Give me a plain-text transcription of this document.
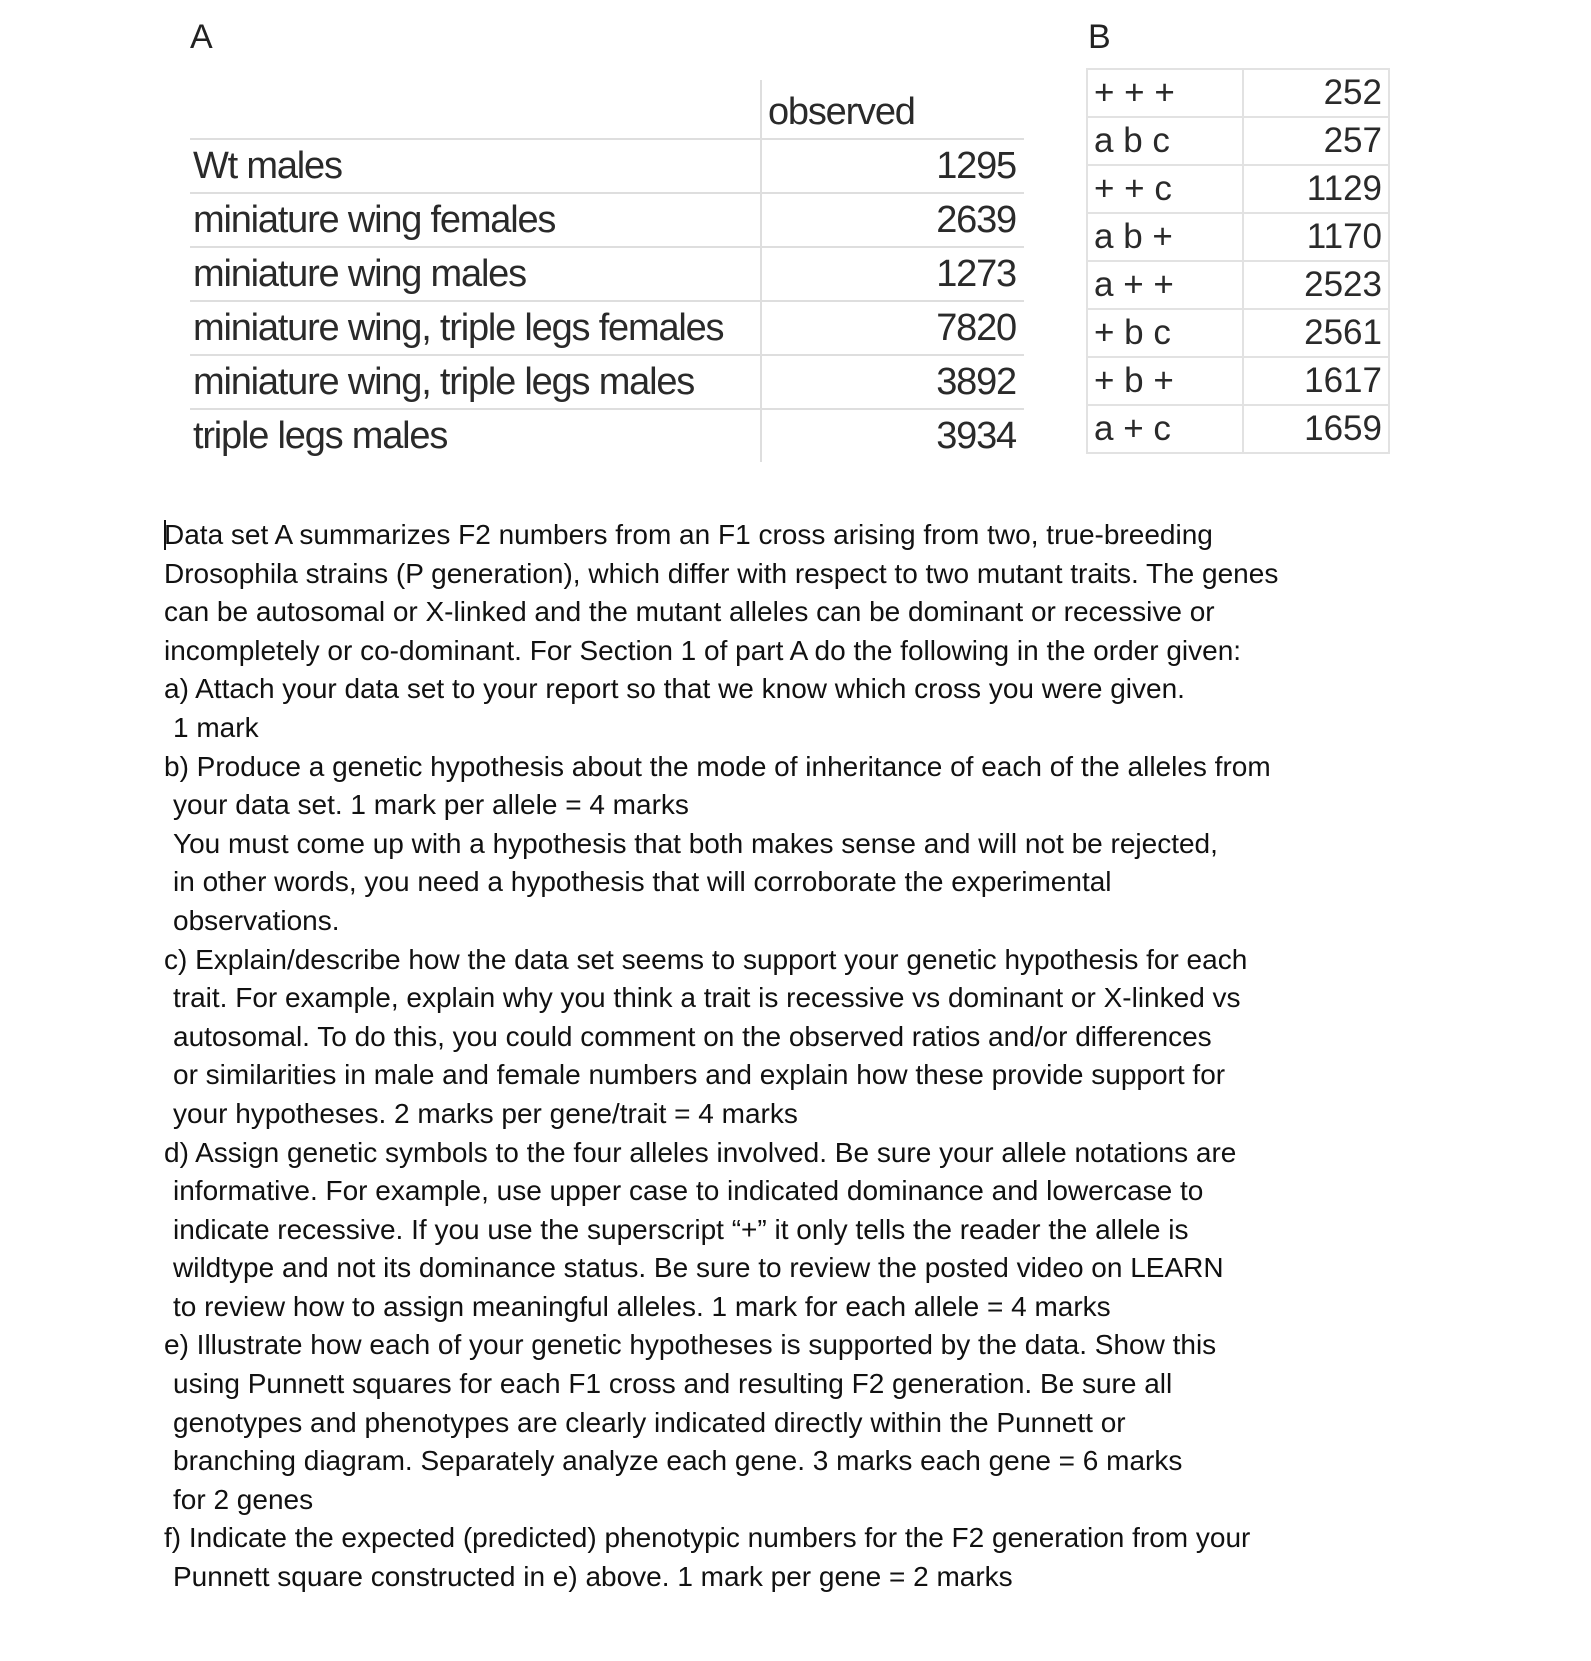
A
	observed
Wt males	1295
miniature wing females	2639
miniature wing males	1273
miniature wing, triple legs females	7820
miniature wing, triple legs males	3892
triple legs males	3934
B
+ + +	252
a b c	257
+ + c	1129
a b +	1170
a + +	2523
+ b c	2561
+ b +	1617
a + c	1659

Data set A summarizes F2 numbers from an F1 cross arising from two, true-breeding

Drosophila strains (P generation), which differ with respect to two mutant traits. The genes

can be autosomal or X-linked and the mutant alleles can be dominant or recessive or

incompletely or co-dominant. For Section 1 of part A do the following in the order given:

a) Attach your data set to your report so that we know which cross you were given.

1 mark

b) Produce a genetic hypothesis about the mode of inheritance of each of the alleles from

your data set. 1 mark per allele = 4 marks

You must come up with a hypothesis that both makes sense and will not be rejected,

in other words, you need a hypothesis that will corroborate the experimental

observations.

c) Explain/describe how the data set seems to support your genetic hypothesis for each

trait. For example, explain why you think a trait is recessive vs dominant or X-linked vs

autosomal. To do this, you could comment on the observed ratios and/or differences

or similarities in male and female numbers and explain how these provide support for

your hypotheses. 2 marks per gene/trait = 4 marks

d) Assign genetic symbols to the four alleles involved. Be sure your allele notations are

informative. For example, use upper case to indicated dominance and lowercase to

indicate recessive. If you use the superscript “+” it only tells the reader the allele is

wildtype and not its dominance status. Be sure to review the posted video on LEARN

to review how to assign meaningful alleles. 1 mark for each allele = 4 marks

e) Illustrate how each of your genetic hypotheses is supported by the data. Show this

using Punnett squares for each F1 cross and resulting F2 generation. Be sure all

genotypes and phenotypes are clearly indicated directly within the Punnett or

branching diagram. Separately analyze each gene. 3 marks each gene = 6 marks

for 2 genes

f) Indicate the expected (predicted) phenotypic numbers for the F2 generation from your

Punnett square constructed in e) above. 1 mark per gene = 2 marks
